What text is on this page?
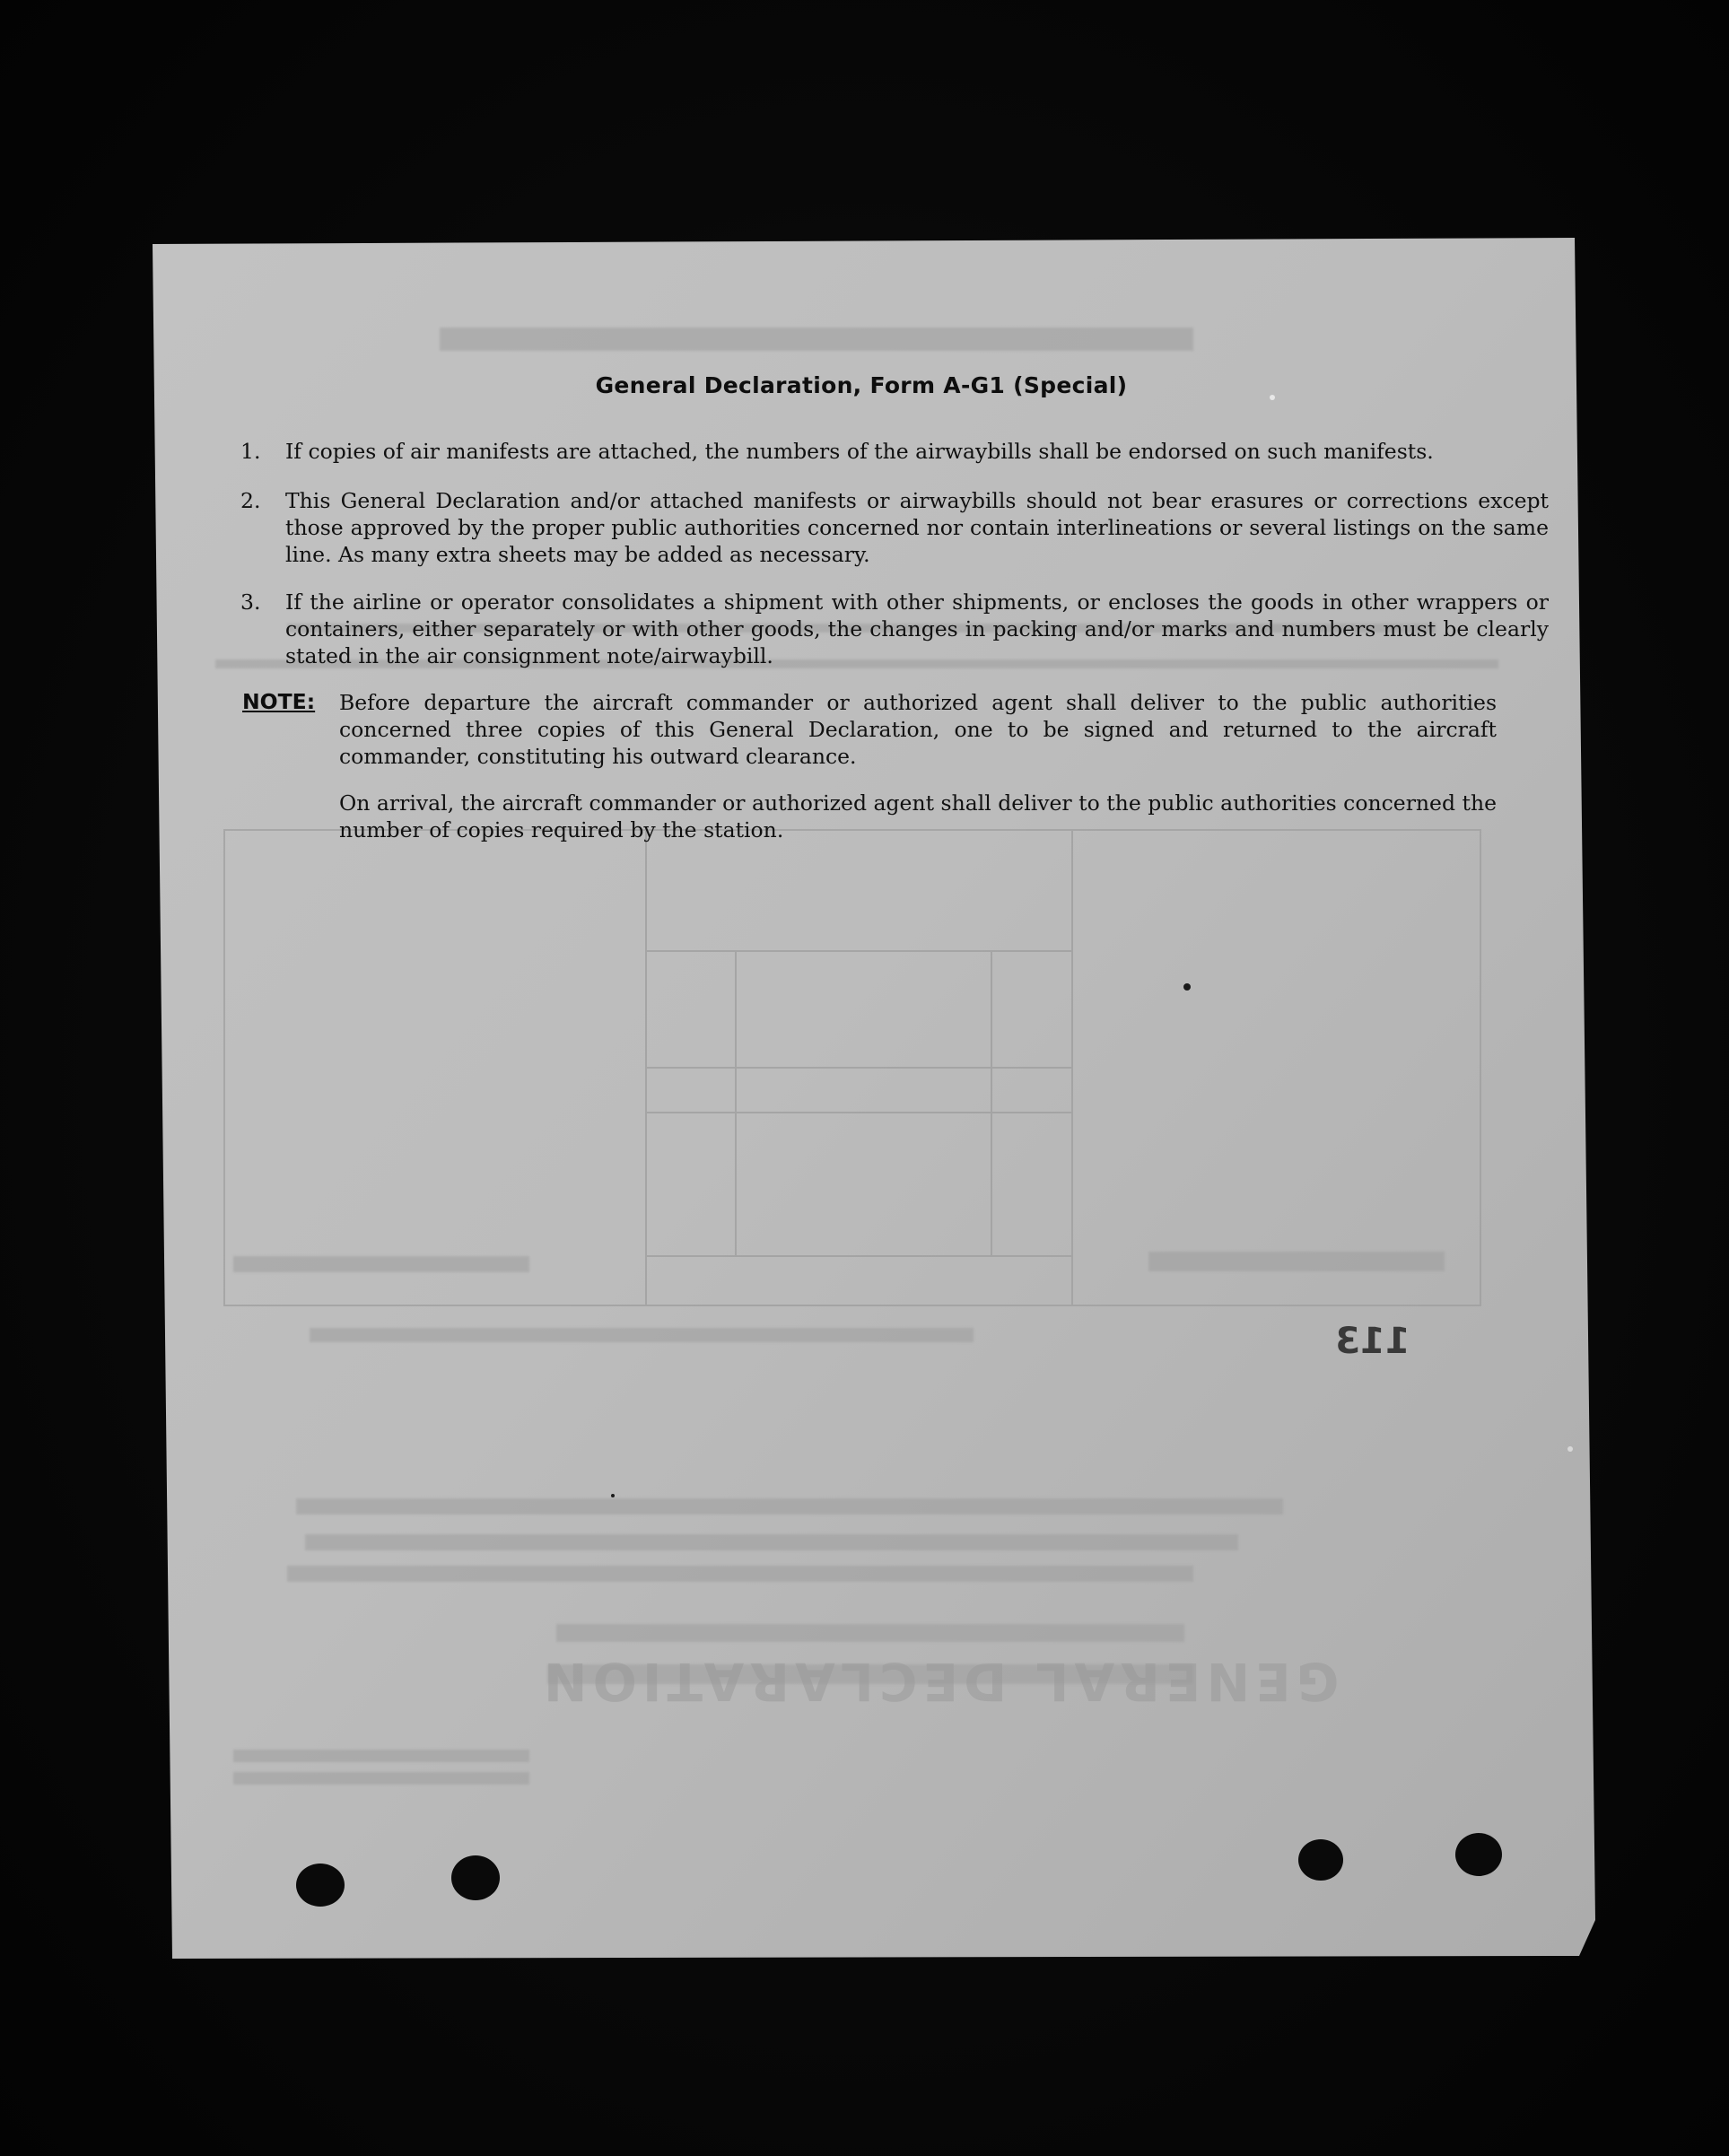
General Declaration, Form A-G1 (Special)
1. If copies of air manifests are attached, the numbers of the airwaybills shall be endorsed on such manifests.
2. This General Declaration and/or attached manifests or airwaybills should not bear erasures or corrections except those approved by the proper public authorities concerned nor contain interlineations or several listings on the same line. As many extra sheets may be added as necessary.
3. If the airline or operator consolidates a shipment with other shipments, or encloses the goods in other wrappers or containers, either separately or with other goods, the changes in packing and/or marks and numbers must be clearly stated in the air consignment note/airwaybill.
NOTE: Before departure the aircraft commander or authorized agent shall deliver to the public authorities concerned three copies of this General Declaration, one to be signed and returned to the aircraft commander, constituting his outward clearance.
On arrival, the aircraft commander or authorized agent shall deliver to the public authorities concerned the number of copies required by the station.
113
GENERAL DECLARATION
